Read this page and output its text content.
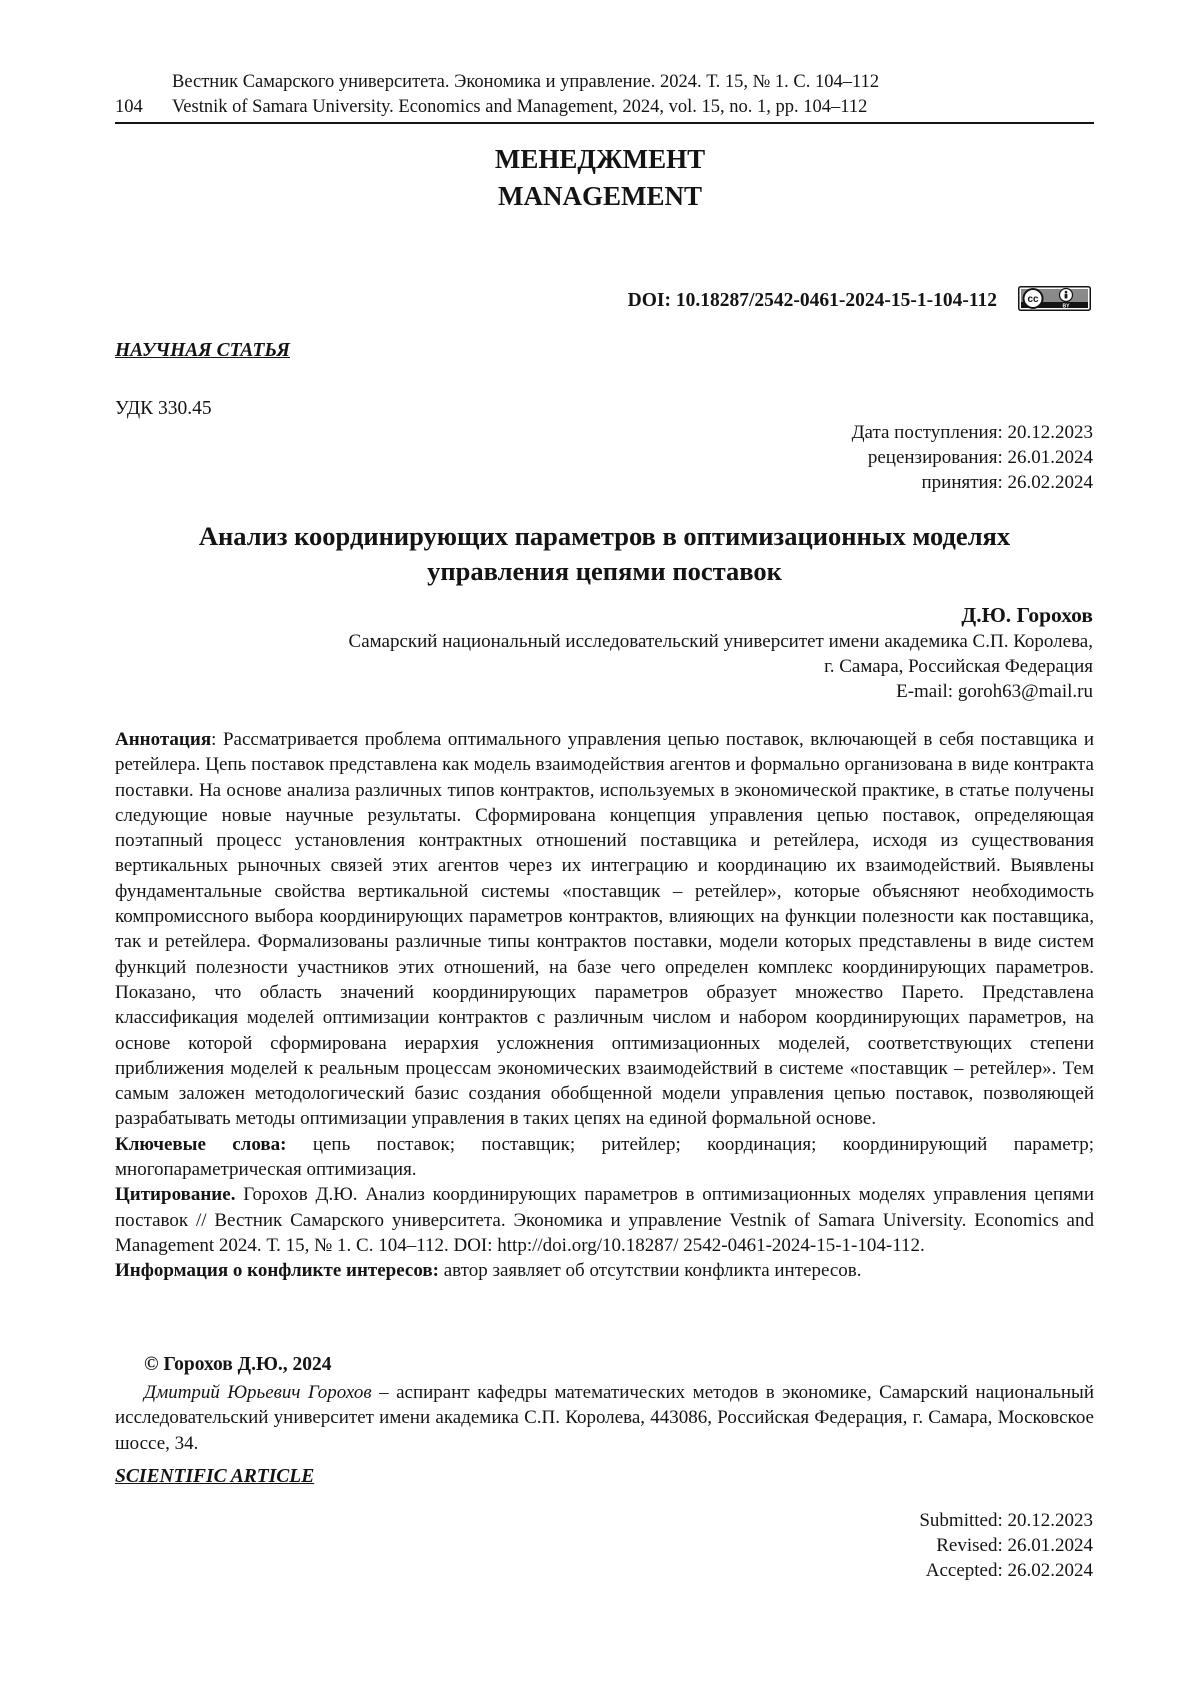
Вестник Самарского университета. Экономика и управление. 2024. Т. 15, № 1. С. 104–112
104 Vestnik of Samara University. Economics and Management, 2024, vol. 15, no. 1, pp. 104–112
МЕНЕДЖМЕНТ
MANAGEMENT
DOI: 10.18287/2542-0461-2024-15-1-104-112	cc
BY
НАУЧНАЯ СТАТЬЯ
УДК 330.45
Дата поступления: 20.12.2023
рецензирования: 26.01.2024
принятия: 26.02.2024
Анализ координирующих параметров в оптимизационных моделях
управления цепями поставок
Д.Ю. Горохов
Самарский национальный исследовательский университет имени академика С.П. Королева,
г. Самара, Российская Федерация
E-mail: goroh63@mail.ru

Аннотация: Рассматривается проблема оптимального управления цепью поставок, включающей в себя поставщика и ретейлера. Цепь поставок представлена как модель взаимодействия агентов и формально организована в виде контракта поставки. На основе анализа различных типов контрактов, используемых в экономической практике, в статье получены следующие новые научные результаты. Сформирована концепция управления цепью поставок, определяющая поэтапный процесс установления контрактных отношений поставщика и ретейлера, исходя из существования вертикальных рыночных связей этих агентов через их интеграцию и координацию их взаимодействий. Выявлены фундаментальные свойства вертикальной системы «поставщик – ретейлер», которые объясняют необходимость компромиссного выбора координирующих параметров контрактов, влияющих на функции полезности как поставщика, так и ретейлера. Формализованы различные типы контрактов поставки, модели которых представлены в виде систем функций полезности участников этих отношений, на базе чего определен комплекс координирующих параметров. Показано, что область значений координирующих параметров образует множество Парето. Представлена классификация моделей оптимизации контрактов с различным числом и набором координирующих параметров, на основе которой сформирована иерархия усложнения оптимизационных моделей, соответствующих степени приближения моделей к реальным процессам экономических взаимодействий в системе «поставщик – ретейлер». Тем самым заложен методологический базис создания обобщенной модели управления цепью поставок, позволяющей разрабатывать методы оптимизации управления в таких цепях на единой формальной основе.

Ключевые слова: цепь поставок; поставщик; ритейлер; координация; координирующий параметр; многопараметрическая оптимизация.

Цитирование. Горохов Д.Ю. Анализ координирующих параметров в оптимизационных моделях управления цепями поставок // Вестник Самарского университета. Экономика и управление Vestnik of Samara University. Economics and Management 2024. Т. 15, № 1. С. 104–112. DOI: http://doi.org/10.18287/ 2542-0461-2024-15-1-104-112.

Информация о конфликте интересов: автор заявляет об отсутствии конфликта интересов.

© Горохов Д.Ю., 2024
Дмитрий Юрьевич Горохов – аспирант кафедры математических методов в экономике, Самарский национальный исследовательский университет имени академика С.П. Королева, 443086, Российская Федерация, г. Самара, Московское шоссе, 34.
SCIENTIFIC ARTICLE
Submitted: 20.12.2023
Revised: 26.01.2024
Accepted: 26.02.2024
